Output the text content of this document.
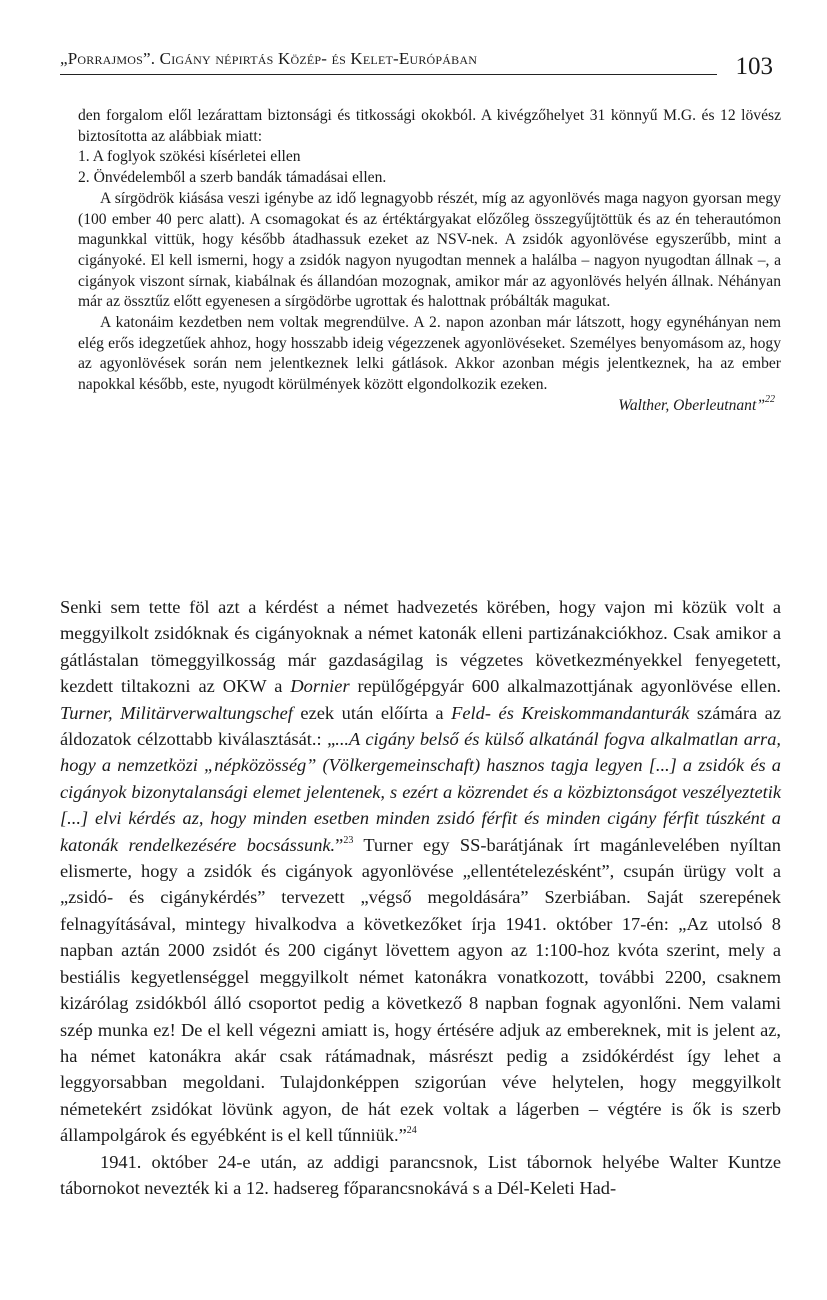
„Porrajmos”. Cigány népirtás Közép- és Kelet-Európában	103

den forgalom elől lezárattam biztonsági és titkossági okokból. A kivégzőhelyet 31 könnyű M.G. és 12 lövész biztosította az alábbiak miatt:

1. A foglyok szökési kísérletei ellen

2. Önvédelemből a szerb bandák támadásai ellen.

A sírgödrök kiásása veszi igénybe az idő legnagyobb részét, míg az agyonlövés maga nagyon gyorsan megy (100 ember 40 perc alatt). A csomagokat és az értéktárgyakat előzőleg összegyűjtöttük és az én teherautómon magunkkal vittük, hogy később átadhassuk ezeket az NSV-nek. A zsidók agyonlövése egyszerűbb, mint a cigányoké. El kell ismerni, hogy a zsidók nagyon nyugodtan mennek a halálba – nagyon nyugodtan állnak –, a cigányok viszont sírnak, kiabálnak és állandóan mozognak, amikor már az agyonlövés helyén állnak. Néhányan már az össztűz előtt egyenesen a sírgödörbe ugrottak és halottnak próbálták magukat.

A katonáim kezdetben nem voltak megrendülve. A 2. napon azonban már látszott, hogy egynéhányan nem elég erős idegzetűek ahhoz, hogy hosszabb ideig végezzenek agyonlövéseket. Személyes benyomásom az, hogy az agyonlövések során nem jelentkeznek lelki gátlások. Akkor azonban mégis jelentkeznek, ha az ember napokkal később, este, nyugodt körülmények között elgondolkozik ezeken.

Walther, Oberleutnant”$^{22}$

Senki sem tette föl azt a kérdést a német hadvezetés körében, hogy vajon mi közük volt a meggyilkolt zsidóknak és cigányoknak a német katonák elleni partizánakciókhoz. Csak amikor a gátlástalan tömeggyilkosság már gazdaságilag is végzetes következményekkel fenyegetett, kezdett tiltakozni az OKW a Dornier repülőgépgyár 600 alkalmazottjának agyonlövése ellen. Turner, Militärverwaltungschef ezek után előírta a Feld- és Kreiskommandanturák számára az áldozatok célzottabb kiválasztását.: „...A cigány belső és külső alkatánál fogva alkalmatlan arra, hogy a nemzetközi „népközösség” (Völkergemeinschaft) hasznos tagja legyen [...] a zsidók és a cigányok bizonytalansági elemet jelentenek, s ezért a közrendet és a közbiztonságot veszélyeztetik [...] elvi kérdés az, hogy minden esetben minden zsidó férfit és minden cigány férfit túszként a katonák rendelkezésére bocsássunk.”$^{23}$ Turner egy SS-barátjának írt magánlevelében nyíltan elismerte, hogy a zsidók és cigányok agyonlövése „ellentételezésként”, csupán ürügy volt a „zsidó- és cigánykérdés” tervezett „végső megoldására” Szerbiában. Saját szerepének felnagyításával, mintegy hivalkodva a következőket írja 1941. október 17-én: „Az utolsó 8 napban aztán 2000 zsidót és 200 cigányt lövettem agyon az 1:100-hoz kvóta szerint, mely a bestiális kegyetlenséggel meggyilkolt német katonákra vonatkozott, további 2200, csaknem kizárólag zsidókból álló csoportot pedig a következő 8 napban fognak agyonlőni. Nem valami szép munka ez! De el kell végezni amiatt is, hogy értésére adjuk az embereknek, mit is jelent az, ha német katonákra akár csak rátámadnak, másrészt pedig a zsidókérdést így lehet a leggyorsabban megoldani. Tulajdonképpen szigorúan véve helytelen, hogy meggyilkolt németekért zsidókat lövünk agyon, de hát ezek voltak a lágerben – végtére is ők is szerb állampolgárok és egyébként is el kell tűnniük.”$^{24}$

1941. október 24-e után, az addigi parancsnok, List tábornok helyébe Walter Kuntze tábornokot nevezték ki a 12. hadsereg főparancsnokává s a Dél-Keleti Had-
